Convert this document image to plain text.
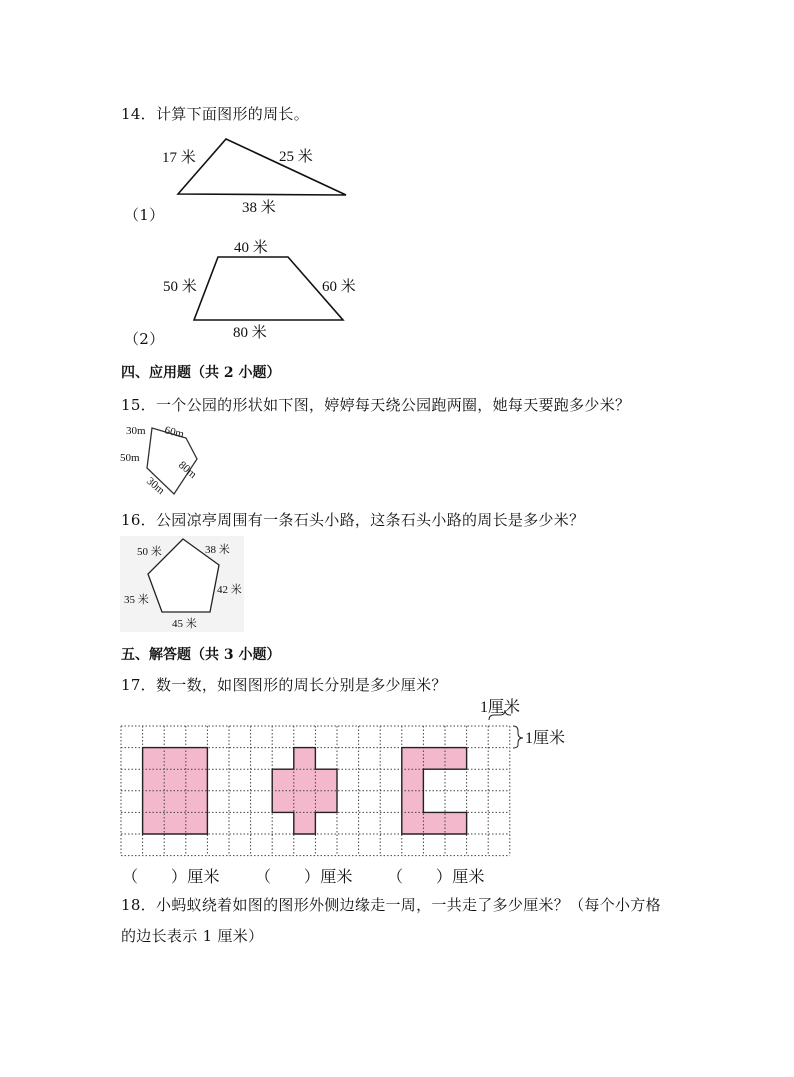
14．计算下面图形的周长。
17 米	25 米
38 米
40 米
50 米	60 米
80 米
30m 60m
50m
80m
30m
50 米	38 米
42 米
35 米
45 米
（1）
（2）
四、应用题（共 2 小题）
15．一个公园的形状如下图，婷婷每天绕公园跑两圈，她每天要跑多少米？
16．公园凉亭周围有一条石头小路，这条石头小路的周长是多少米？
五、解答题（共 3 小题）
17．数一数，如图图形的周长分别是多少厘米？
1厘米
1厘米
（　　）厘米 （　　）厘米 （　　）厘米
18．小蚂蚁绕着如图的图形外侧边缘走一周，一共走了多少厘米？（每个小方格
的边长表示 1 厘米）
